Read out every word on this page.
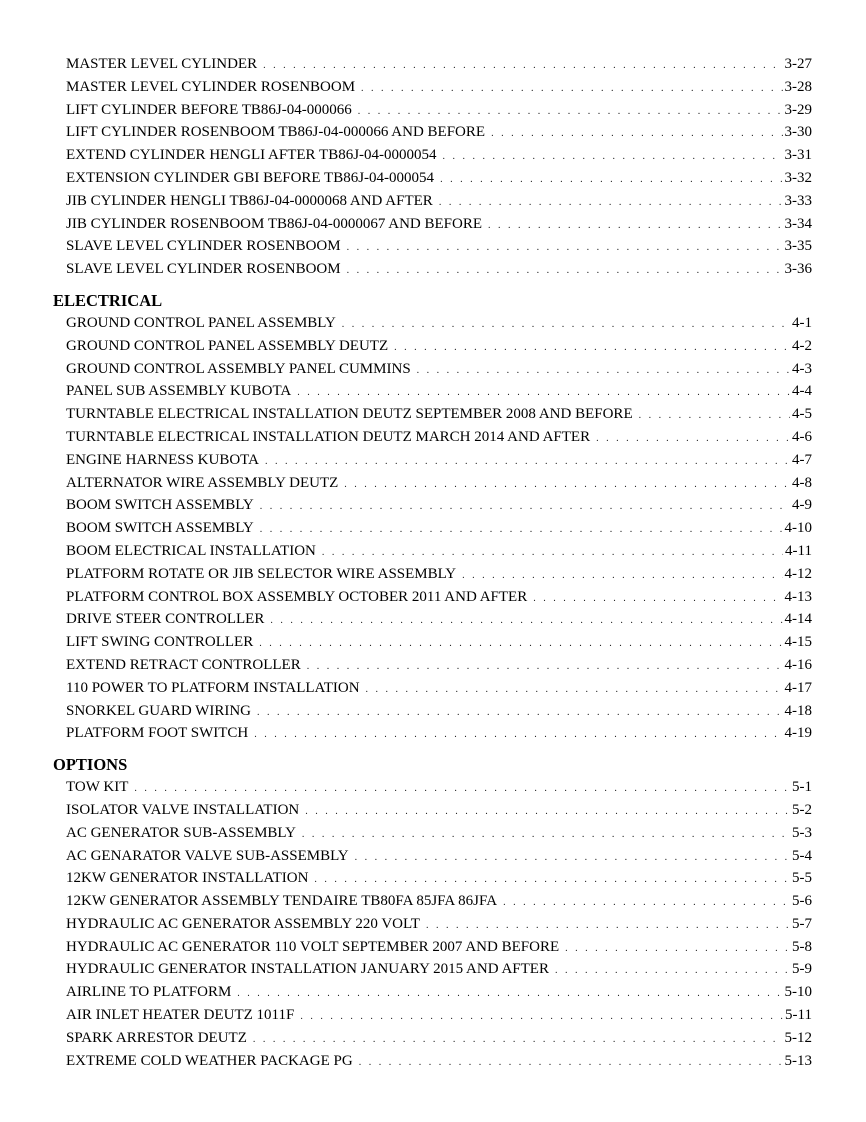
MASTER LEVEL CYLINDER . . .	3-27
MASTER LEVEL CYLINDER ROSENBOOM . . .	3-28
LIFT CYLINDER BEFORE TB86J-04-000066 . . .	3-29
LIFT CYLINDER ROSENBOOM TB86J-04-000066 AND BEFORE . . .	3-30
EXTEND CYLINDER HENGLI AFTER TB86J-04-0000054 . . .	3-31
EXTENSION CYLINDER GBI BEFORE TB86J-04-000054 . . .	3-32
JIB CYLINDER HENGLI TB86J-04-0000068 AND AFTER . . .	3-33
JIB CYLINDER ROSENBOOM TB86J-04-0000067 AND BEFORE . . .	3-34
SLAVE LEVEL CYLINDER ROSENBOOM . . .	3-35
SLAVE LEVEL CYLINDER ROSENBOOM . . .	3-36
ELECTRICAL
GROUND CONTROL PANEL ASSEMBLY . . .	4-1
GROUND CONTROL PANEL ASSEMBLY DEUTZ . . .	4-2
GROUND CONTROL ASSEMBLY PANEL CUMMINS . . .	4-3
PANEL SUB ASSEMBLY KUBOTA . . .	4-4
TURNTABLE ELECTRICAL INSTALLATION DEUTZ SEPTEMBER 2008 AND BEFORE . . .	4-5
TURNTABLE ELECTRICAL INSTALLATION DEUTZ MARCH 2014 AND AFTER . . .	4-6
ENGINE HARNESS KUBOTA . . .	4-7
ALTERNATOR WIRE ASSEMBLY DEUTZ . . .	4-8
BOOM SWITCH ASSEMBLY . . .	4-9
BOOM SWITCH ASSEMBLY . . .	4-10
BOOM ELECTRICAL INSTALLATION . . .	4-11
PLATFORM ROTATE OR JIB SELECTOR WIRE ASSEMBLY . . .	4-12
PLATFORM CONTROL BOX ASSEMBLY OCTOBER 2011 AND AFTER . . .	4-13
DRIVE STEER CONTROLLER . . .	4-14
LIFT SWING CONTROLLER . . .	4-15
EXTEND RETRACT CONTROLLER . . .	4-16
110 POWER TO PLATFORM INSTALLATION . . .	4-17
SNORKEL GUARD WIRING . . .	4-18
PLATFORM FOOT SWITCH . . .	4-19
OPTIONS
TOW KIT . . .	5-1
ISOLATOR VALVE INSTALLATION . . .	5-2
AC GENERATOR SUB-ASSEMBLY . . .	5-3
AC GENARATOR VALVE SUB-ASSEMBLY . . .	5-4
12KW GENERATOR INSTALLATION . . .	5-5
12KW GENERATOR ASSEMBLY TENDAIRE TB80FA 85JFA 86JFA . . .	5-6
HYDRAULIC AC GENERATOR ASSEMBLY 220 VOLT . . .	5-7
HYDRAULIC AC GENERATOR 110 VOLT SEPTEMBER 2007 AND BEFORE . . .	5-8
HYDRAULIC GENERATOR INSTALLATION JANUARY 2015 AND AFTER . . .	5-9
AIRLINE TO PLATFORM . . .	5-10
AIR INLET HEATER DEUTZ 1011F . . .	5-11
SPARK ARRESTOR DEUTZ . . .	5-12
EXTREME COLD WEATHER PACKAGE PG . . .	5-13
